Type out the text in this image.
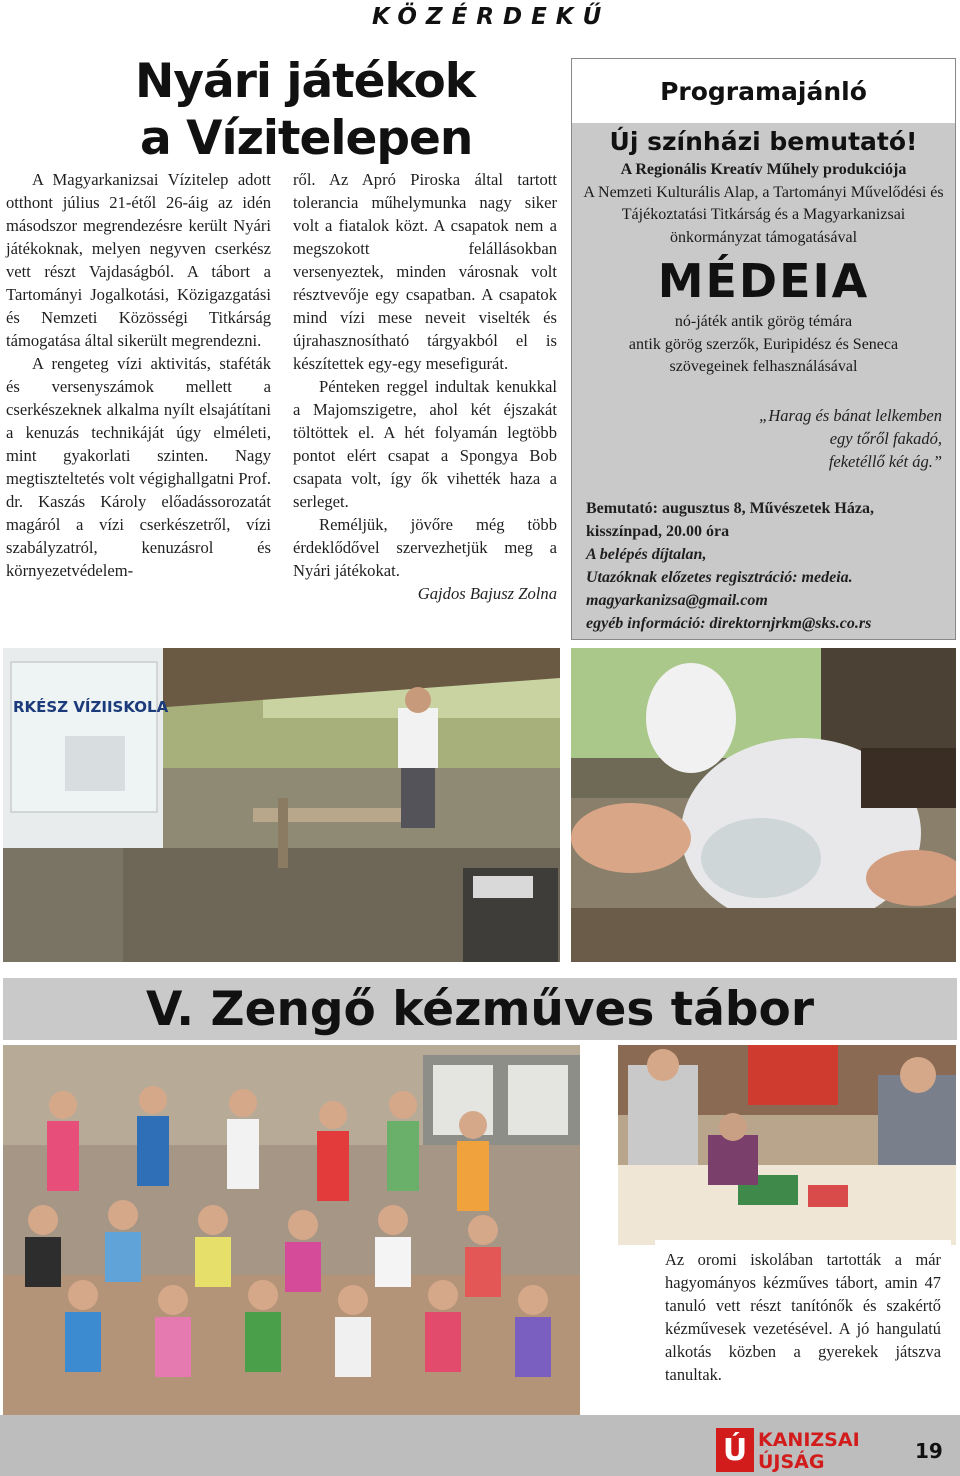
KÖZÉRDEKŰ
Nyári játékok
a Vízitelepen

A Magyarkanizsai Vízitelep adott otthont július 21-étől 26-áig az idén másodszor megrendezésre került Nyári játékoknak, melyen negyven cserkész vett részt Vajdaságból. A tábort a Tartományi Jogalkotási, Közigazgatási és Nemzeti Közösségi Titkárság támogatása által sikerült megrendezni.

A rengeteg vízi aktivitás, staféták és versenyszámok mellett a cserkészeknek alkalma nyílt elsajátítani a kenuzás technikáját úgy elméleti, mint gyakorlati szinten. Nagy megtiszteltetés volt végighallgatni Prof. dr. Kaszás Károly előadássorozatát magáról a vízi cserkészetről, vízi szabályzatról, kenuzásrol és környezetvédelem-

ről. Az Apró Piroska által tartott tolerancia műhelymunka nagy siker volt a fiatalok közt. A csapatok nem a megszokott felállásokban versenyeztek, minden városnak volt résztvevője egy csapatban. A csapatok mind vízi mese neveit viselték és újrahasznosítható tárgyakból el is készítettek egy-egy mesefigurát.

Pénteken reggel indultak kenukkal a Majomszigetre, ahol két éjszakát töltöttek el. A hét folyamán legtöbb pontot elért csapat a Spongya Bob csapata volt, így ők vihették haza a serleget.

Reméljük, jövőre még több érdeklődővel szervezhetjük meg a Nyári játékokat.

Gajdos Bajusz Zolna

Programajánló
Új színházi bemutató!
A Regionális Kreatív Műhely produkciója
A Nemzeti Kulturális Alap, a Tartományi Művelődési és Tájékoztatási Titkárság és a Magyarkanizsai önkormányzat támogatásával
MÉDEIA
nó-játék antik görög témára
antik görög szerzők, Euripidész és Seneca szövegeinek felhasználásával
„Harag és bánat lelkemben
egy tőről fakadó,
feketéllő két ág.”
Bemutató: augusztus 8, Művészetek Háza, kisszínpad, 20.00 óra
A belépés díjtalan,
Utazóknak előzetes regisztráció: medeia.
magyarkanizsa@gmail.com
egyéb információ: direktornjrkm@sks.co.rs
RKÉSZ VÍZIISKOLA
V. Zengő kézműves tábor
Az oromi iskolában tartották a már hagyományos kézműves tábort, amin 47 tanuló vett részt tanítónők és szakértő kézművesek vezetésével. A jó hangulatú alkotás közben a gyerekek játszva tanultak.
Ú KANIZSAI
ÚJSÁG	19
